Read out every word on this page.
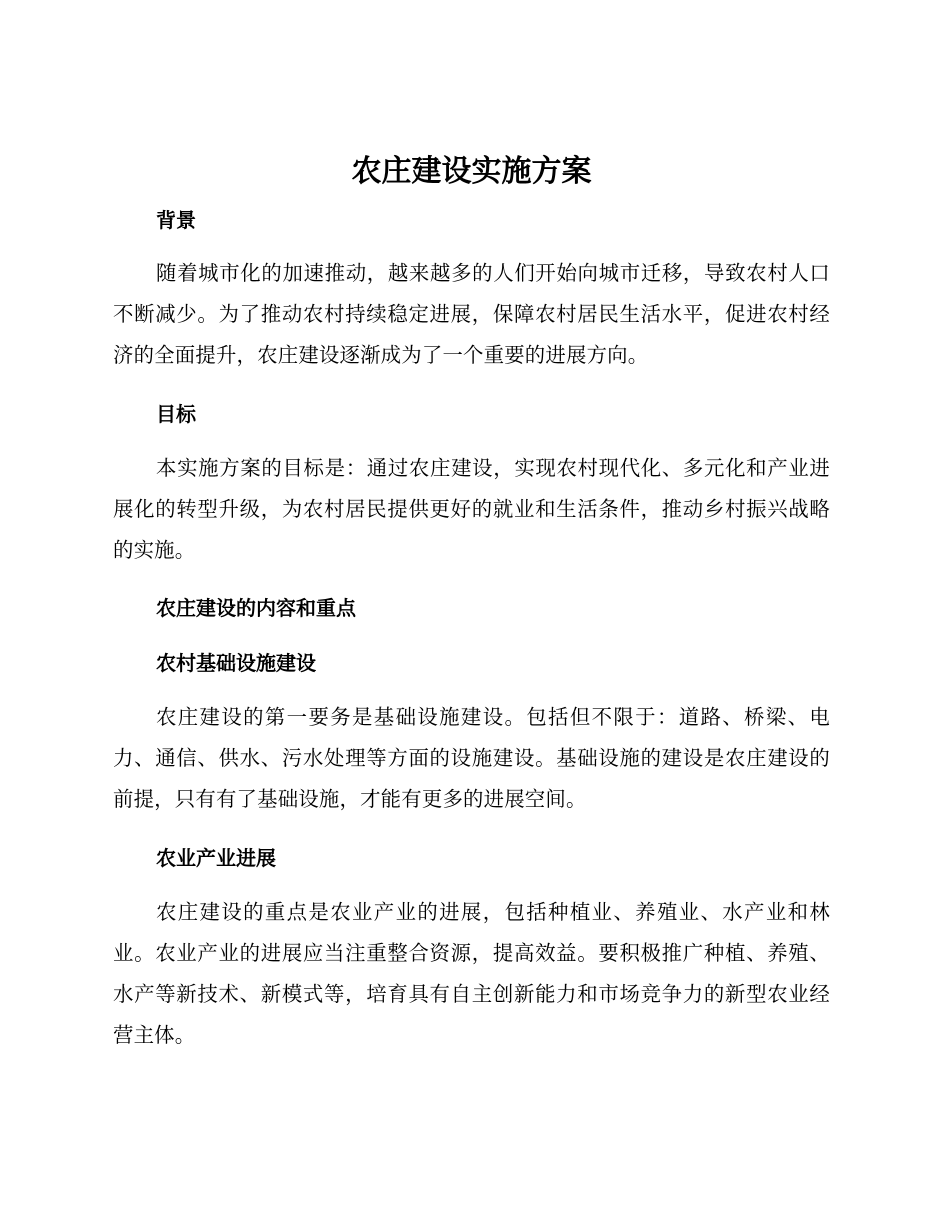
农庄建设实施方案
背景

随着城市化的加速推动，越来越多的人们开始向城市迁移，导致农村人口不断减少。为了推动农村持续稳定进展，保障农村居民生活水平，促进农村经济的全面提升，农庄建设逐渐成为了一个重要的进展方向。

目标

本实施方案的目标是：通过农庄建设，实现农村现代化、多元化和产业进展化的转型升级，为农村居民提供更好的就业和生活条件，推动乡村振兴战略的实施。

农庄建设的内容和重点
农村基础设施建设

农庄建设的第一要务是基础设施建设。包括但不限于：道路、桥梁、电力、通信、供水、污水处理等方面的设施建设。基础设施的建设是农庄建设的前提，只有有了基础设施，才能有更多的进展空间。

农业产业进展

农庄建设的重点是农业产业的进展，包括种植业、养殖业、水产业和林业。农业产业的进展应当注重整合资源，提高效益。要积极推广种植、养殖、水产等新技术、新模式等，培育具有自主创新能力和市场竞争力的新型农业经营主体。
